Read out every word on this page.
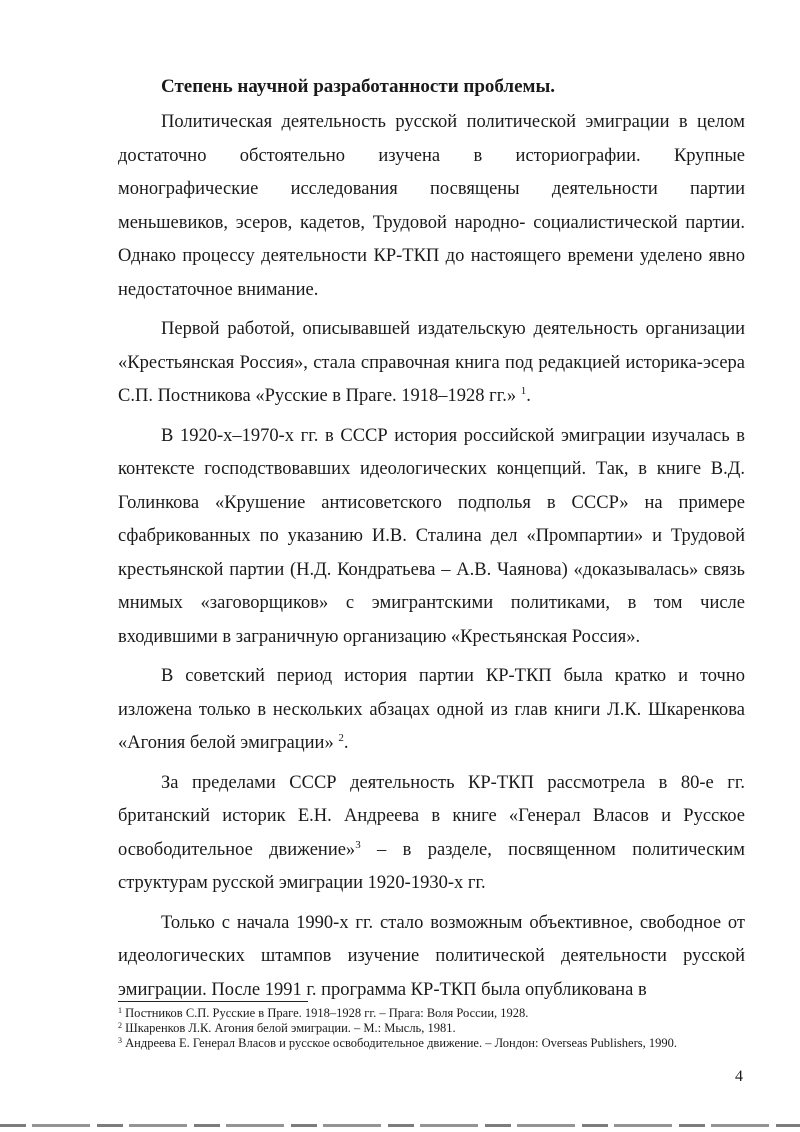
Степень научной разработанности проблемы.

Политическая деятельность русской политической эмиграции в целом достаточно обстоятельно изучена в историографии. Крупные монографические исследования посвящены деятельности партии меньшевиков, эсеров, кадетов, Трудовой народно- социалистической партии. Однако процессу деятельности КР-ТКП до настоящего времени уделено явно недостаточное внимание.

Первой работой, описывавшей издательскую деятельность организации «Крестьянская Россия», стала справочная книга под редакцией историка-эсера С.П. Постникова «Русские в Праге. 1918–1928 гг.» $^1$.

В 1920-х–1970-х гг. в СССР история российской эмиграции изучалась в контексте господствовавших идеологических концепций. Так, в книге В.Д. Голинкова «Крушение антисоветского подполья в СССР» на примере сфабрикованных по указанию И.В. Сталина дел «Промпартии» и Трудовой крестьянской партии (Н.Д. Кондратьева – А.В. Чаянова) «доказывалась» связь мнимых «заговорщиков» с эмигрантскими политиками, в том числе входившими в заграничную организацию «Крестьянская Россия».

В советский период история партии КР-ТКП была кратко и точно изложена только в нескольких абзацах одной из глав книги Л.К. Шкаренкова «Агония белой эмиграции» $^2$.

За пределами СССР деятельность КР-ТКП рассмотрела в 80-е гг. британский историк Е.Н. Андреева в книге «Генерал Власов и Русское освободительное движение»$^3$ – в разделе, посвященном политическим структурам русской эмиграции 1920-1930-х гг.

Только с начала 1990-х гг. стало возможным объективное, свободное от идеологических штампов изучение политической деятельности русской эмиграции. После 1991 г. программа КР-ТКП была опубликована в

$^1$ Постников С.П. Русские в Праге. 1918–1928 гг. – Прага: Воля России, 1928.
$^2$ Шкаренков Л.К. Агония белой эмиграции. – М.: Мысль, 1981.
$^3$ Андреева Е. Генерал Власов и русское освободительное движение. – Лондон: Overseas Publishers, 1990.
4
